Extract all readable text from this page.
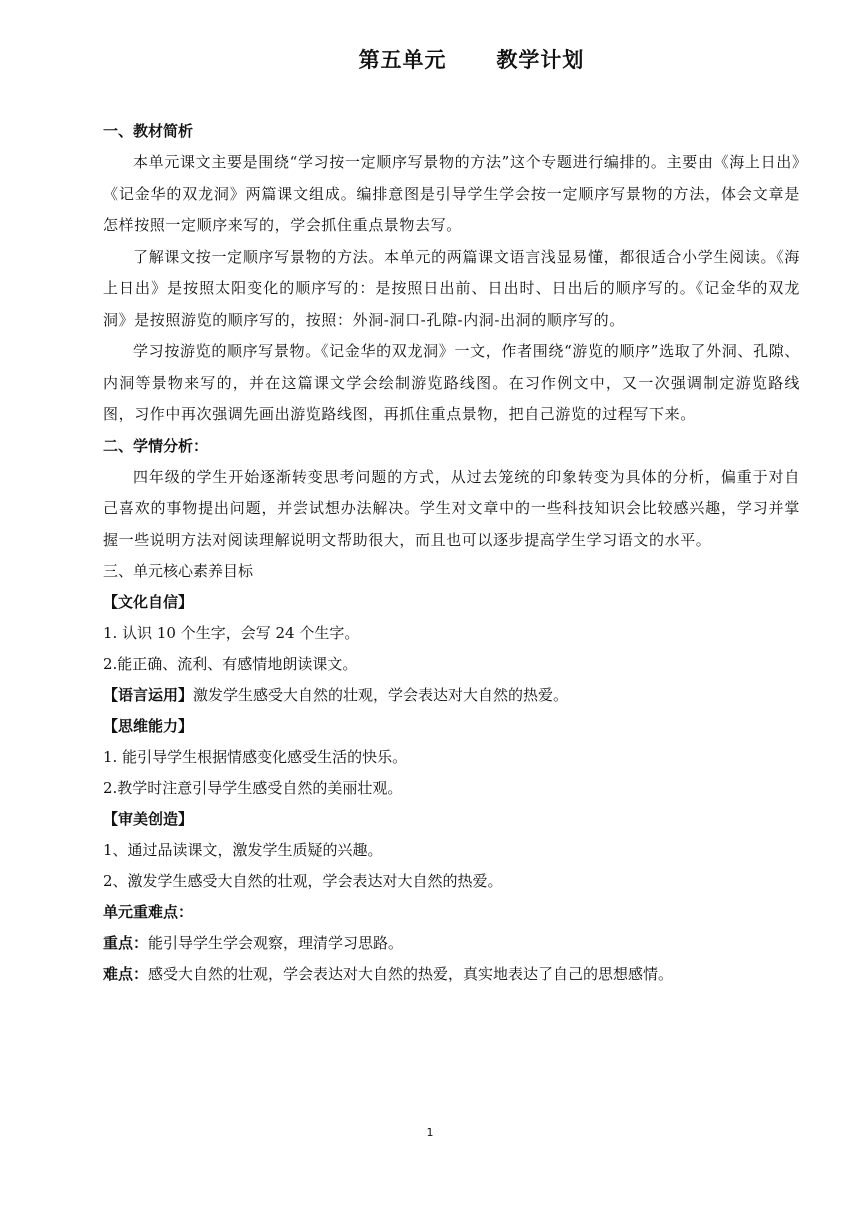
第五单元      教学计划
一、教材简析
本单元课文主要是围绕“学习按一定顺序写景物的方法”这个专题进行编排的。主要由《海上日出》《记金华的双龙洞》两篇课文组成。编排意图是引导学生学会按一定顺序写景物的方法，体会文章是怎样按照一定顺序来写的，学会抓住重点景物去写。
了解课文按一定顺序写景物的方法。本单元的两篇课文语言浅显易懂，都很适合小学生阅读。《海上日出》是按照太阳变化的顺序写的：是按照日出前、日出时、日出后的顺序写的。《记金华的双龙洞》是按照游览的顺序写的，按照：外洞-洞口-孔隙-内洞-出洞的顺序写的。
学习按游览的顺序写景物。《记金华的双龙洞》一文，作者围绕“游览的顺序”选取了外洞、孔隙、内洞等景物来写的，并在这篇课文学会绘制游览路线图。在习作例文中，又一次强调制定游览路线图，习作中再次强调先画出游览路线图，再抓住重点景物，把自己游览的过程写下来。
二、学情分析：
四年级的学生开始逐渐转变思考问题的方式，从过去笼统的印象转变为具体的分析，偏重于对自己喜欢的事物提出问题，并尝试想办法解决。学生对文章中的一些科技知识会比较感兴趣，学习并掌握一些说明方法对阅读理解说明文帮助很大，而且也可以逐步提高学生学习语文的水平。
三、单元核心素养目标
【文化自信】
1. 认识 10 个生字，会写 24 个生字。
2.能正确、流利、有感情地朗读课文。
【语言运用】激发学生感受大自然的壮观，学会表达对大自然的热爱。
【思维能力】
1. 能引导学生根据情感变化感受生活的快乐。
2.教学时注意引导学生感受自然的美丽壮观。
【审美创造】
1、通过品读课文，激发学生质疑的兴趣。
2、激发学生感受大自然的壮观，学会表达对大自然的热爱。
单元重难点：
重点：能引导学生学会观察，理清学习思路。
难点：感受大自然的壮观，学会表达对大自然的热爱，真实地表达了自己的思想感情。
1
